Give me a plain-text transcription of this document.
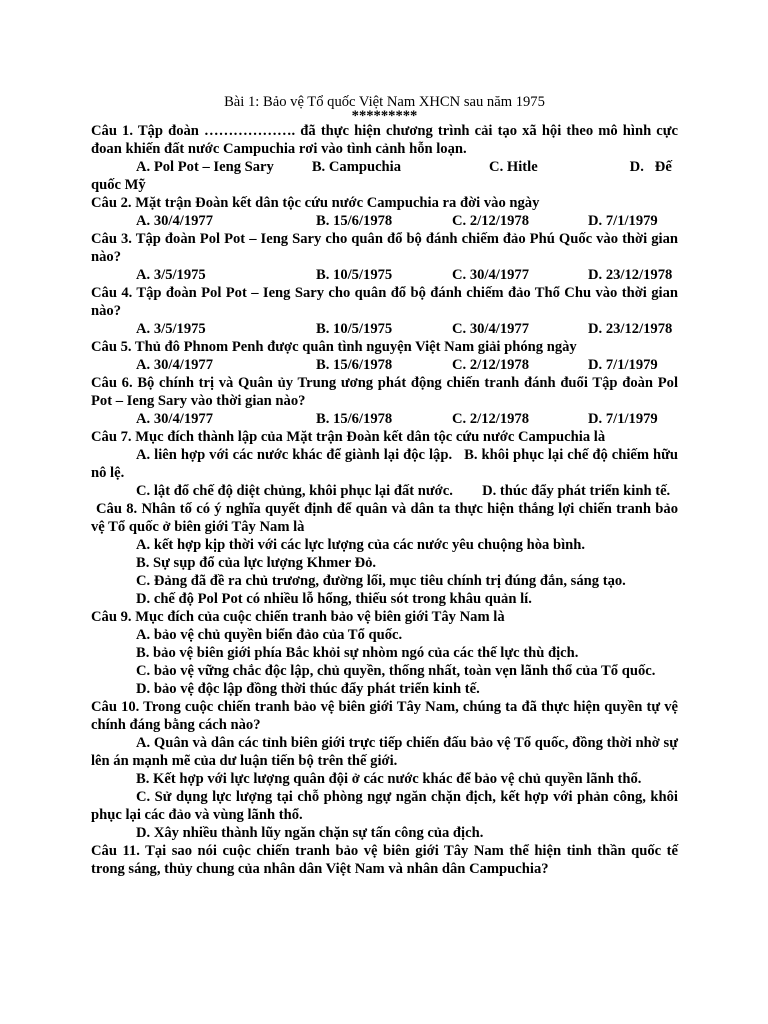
Bài 1: Bảo vệ Tổ quốc Việt Nam XHCN sau năm 1975
*********
Câu 1. Tập đoàn ………………. đã thực hiện chương trình cải tạo xã hội theo mô hình cực đoan khiến đất nước Campuchia rơi vào tình cảnh hỗn loạn.
A. Pol Pot – Ieng Sary	B. Campuchia	C. Hitle	D.   Đế
quốc Mỹ
Câu 2. Mặt trận Đoàn kết dân tộc cứu nước Campuchia ra đời vào ngày
A. 30/4/1977	B. 15/6/1978	C. 2/12/1978	D. 7/1/1979
Câu 3. Tập đoàn Pol Pot – Ieng Sary cho quân đổ bộ đánh chiếm đảo Phú Quốc vào thời gian nào?
A. 3/5/1975	B. 10/5/1975	C. 30/4/1977	D. 23/12/1978
Câu 4. Tập đoàn Pol Pot – Ieng Sary cho quân đổ bộ đánh chiếm đảo Thổ Chu vào thời gian nào?
A. 3/5/1975	B. 10/5/1975	C. 30/4/1977	D. 23/12/1978
Câu 5. Thủ đô Phnom Penh được quân tình nguyện Việt Nam giải phóng ngày
A. 30/4/1977	B. 15/6/1978	C. 2/12/1978	D. 7/1/1979
Câu 6. Bộ chính trị và Quân ủy Trung ương phát động chiến tranh đánh đuổi Tập đoàn Pol Pot – Ieng Sary vào thời gian nào?
A. 30/4/1977	B. 15/6/1978	C. 2/12/1978	D. 7/1/1979
Câu 7. Mục đích thành lập của Mặt trận Đoàn kết dân tộc cứu nước Campuchia là
A. liên hợp với các nước khác để giành lại độc lập.   B. khôi phục lại chế độ chiếm hữu nô lệ.
C. lật đổ chế độ diệt chủng, khôi phục lại đất nước.        D. thúc đẩy phát triển kinh tế.
Câu 8. Nhân tố có ý nghĩa quyết định để quân và dân ta thực hiện thắng lợi chiến tranh bảo vệ Tổ quốc ở biên giới Tây Nam là
A. kết hợp kịp thời với các lực lượng của các nước yêu chuộng hòa bình.
B. Sự sụp đổ của lực lượng Khmer Đỏ.
C. Đảng đã đề ra chủ trương, đường lối, mục tiêu chính trị đúng đắn, sáng tạo.
D. chế độ Pol Pot có nhiều lỗ hổng, thiếu sót trong khâu quản lí.
Câu 9. Mục đích của cuộc chiến tranh bảo vệ biên giới Tây Nam là
A. bảo vệ chủ quyền biển đảo của Tổ quốc.
B. bảo vệ biên giới phía Bắc khỏi sự nhòm ngó của các thế lực thù địch.
C. bảo vệ vững chắc độc lập, chủ quyền, thống nhất, toàn vẹn lãnh thổ của Tổ quốc.
D. bảo vệ độc lập đồng thời thúc đẩy phát triển kinh tế.
Câu 10. Trong cuộc chiến tranh bảo vệ biên giới Tây Nam, chúng ta đã thực hiện quyền tự vệ chính đáng bằng cách nào?
A. Quân và dân các tỉnh biên giới trực tiếp chiến đấu bảo vệ Tổ quốc, đồng thời nhờ sự lên án mạnh mẽ của dư luận tiến bộ trên thế giới.
B. Kết hợp với lực lượng quân đội ở các nước khác để bảo vệ chủ quyền lãnh thổ.
C. Sử dụng lực lượng tại chỗ phòng ngự ngăn chặn địch, kết hợp với phản công, khôi phục lại các đảo và vùng lãnh thổ.
D. Xây nhiều thành lũy ngăn chặn sự tấn công của địch.
Câu 11. Tại sao nói cuộc chiến tranh bảo vệ biên giới Tây Nam thể hiện tinh thần quốc tế trong sáng, thủy chung của nhân dân Việt Nam và nhân dân Campuchia?
